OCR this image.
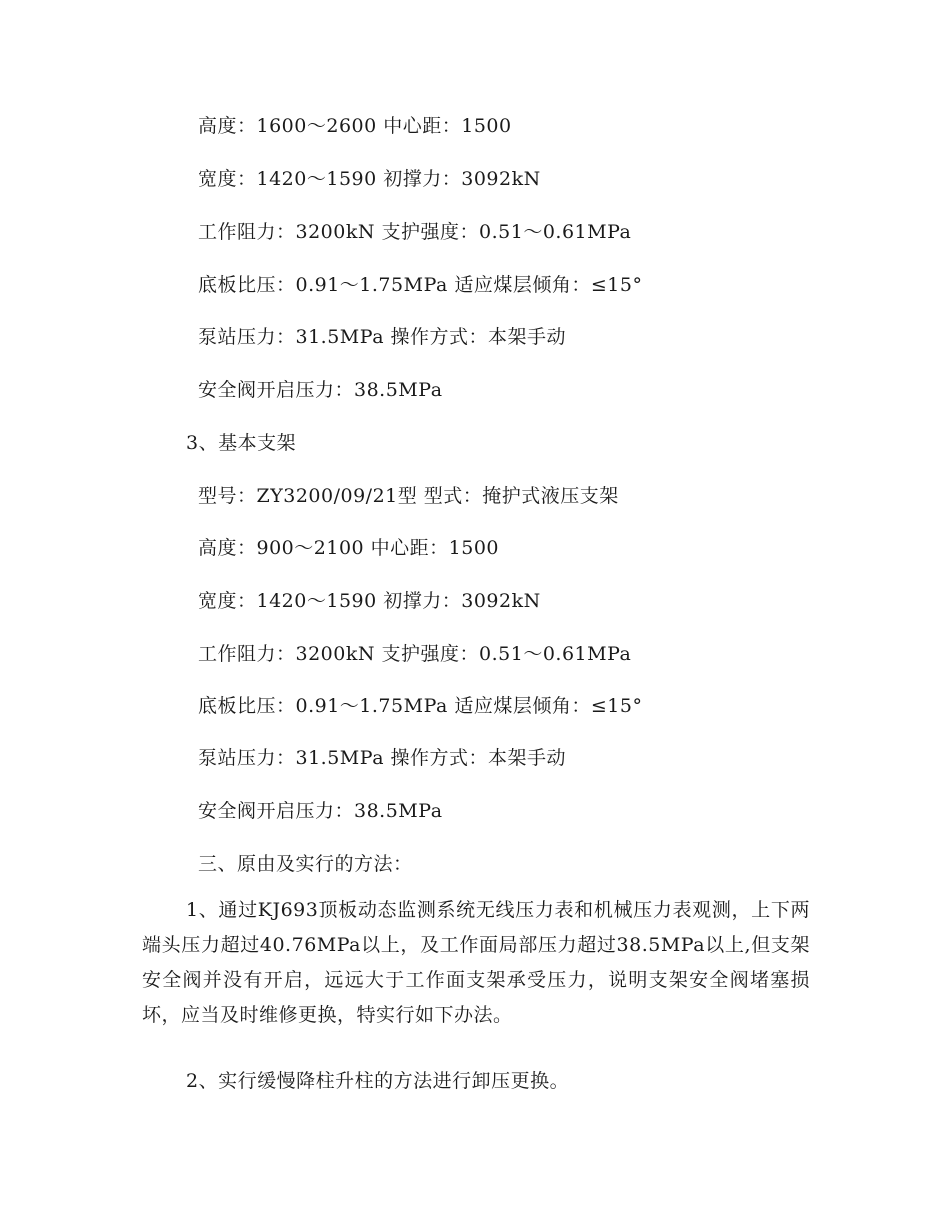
高度：1600～2600 中心距：1500
宽度：1420～1590 初撑力：3092kN
工作阻力：3200kN 支护强度：0.51～0.61MPa
底板比压：0.91～1.75MPa 适应煤层倾角：≤15°
泵站压力：31.5MPa 操作方式：本架手动
安全阀开启压力：38.5MPa
3、基本支架
型号：ZY3200/09/21型 型式：掩护式液压支架
高度：900～2100 中心距：1500
宽度：1420～1590 初撑力：3092kN
工作阻力：3200kN 支护强度：0.51～0.61MPa
底板比压：0.91～1.75MPa 适应煤层倾角：≤15°
泵站压力：31.5MPa 操作方式：本架手动
安全阀开启压力：38.5MPa
三、原由及实行的方法：
1、通过KJ693顶板动态监测系统无线压力表和机械压力表观测，上下两端头压力超过40.76MPa以上，及工作面局部压力超过38.5MPa以上,但支架安全阀并没有开启，远远大于工作面支架承受压力，说明支架安全阀堵塞损坏，应当及时维修更换，特实行如下办法。
2、实行缓慢降柱升柱的方法进行卸压更换。
